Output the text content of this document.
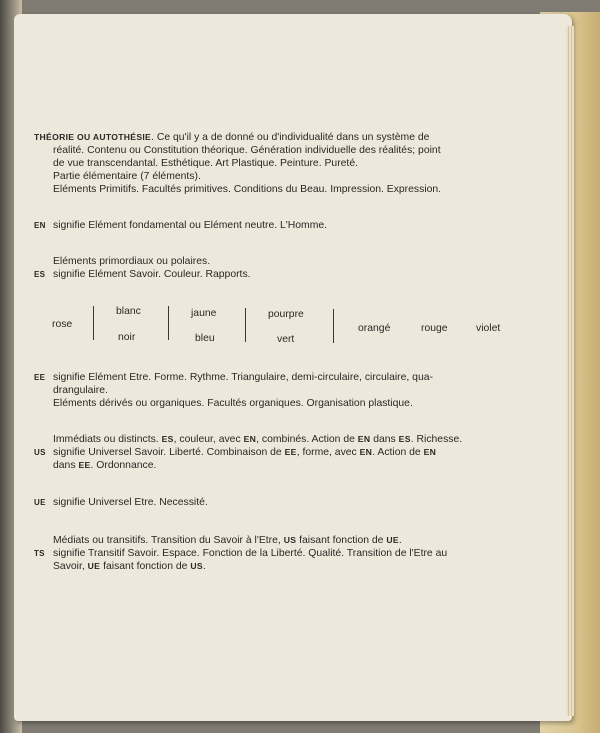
THÉORIE OU AUTOTHÉSIE. Ce qu'il y a de donné ou d'individualité dans un système de
réalité. Contenu ou Constitution théorique. Génération individuelle des réalités; point
de vue transcendantal. Esthétique. Art Plastique. Peinture. Pureté.
Partie élémentaire (7 éléments).
Eléments Primitifs. Facultés primitives. Conditions du Beau. Impression. Expression.
EN signifie Elément fondamental ou Elément neutre. L'Homme.
Eléments primordiaux ou polaires.
ES signifie Elément Savoir. Couleur. Rapports.
rose
blanc
noir
jaune
bleu
pourpre
vert
orangé	rouge	violet
EE signifie Elément Etre. Forme. Rythme. Triangulaire, demi-circulaire, circulaire, qua-
drangulaire.
Eléments dérivés ou organiques. Facultés organiques. Organisation plastique.
Immédiats ou distincts. ES, couleur, avec EN, combinés. Action de EN dans ES. Richesse.
US signifie Universel Savoir. Liberté. Combinaison de EE, forme, avec EN. Action de EN
dans EE. Ordonnance.
UE signifie Universel Etre. Necessité.
Médiats ou transitifs. Transition du Savoir à l'Etre, US faisant fonction de UE.
TS signifie Transitif Savoir. Espace. Fonction de la Liberté. Qualité. Transition de l'Etre au
Savoir, UE faisant fonction de US.
